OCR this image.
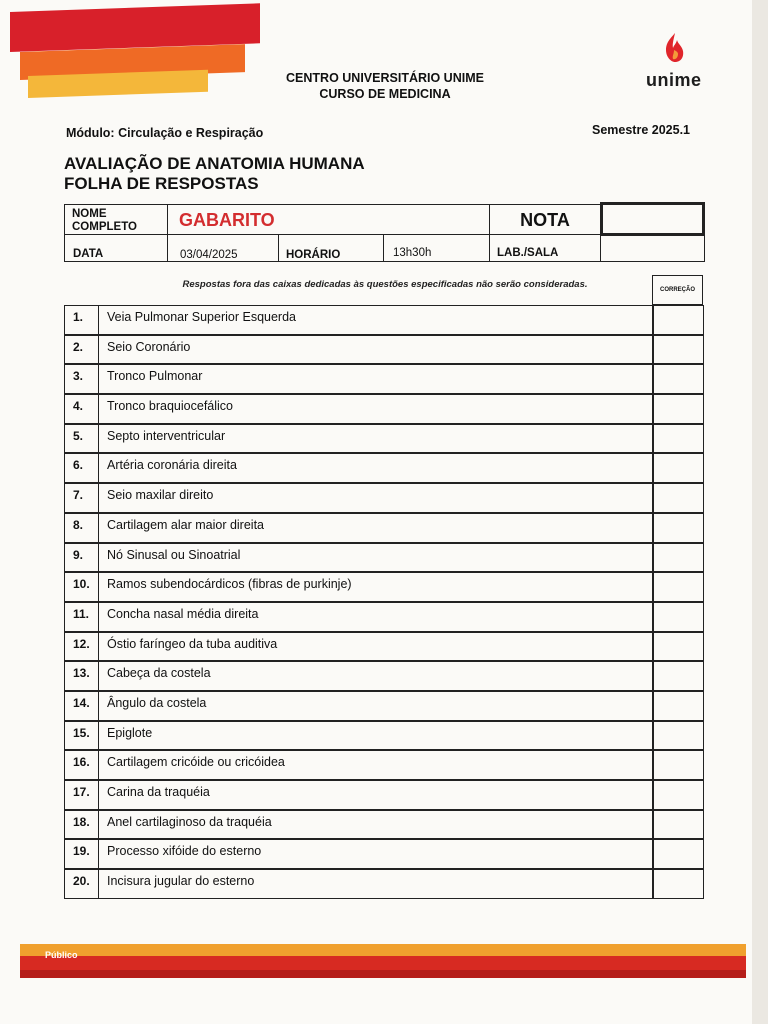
CENTRO UNIVERSITÁRIO UNIME
CURSO DE MEDICINA
unime
Módulo: Circulação e Respiração	Semestre 2025.1
AVALIAÇÃO DE ANATOMIA HUMANA
FOLHA DE RESPOSTAS
NOME
COMPLETO	GABARITO	NOTA
DATA	03/04/2025	HORÁRIO	13h30h	LAB./SALA
Respostas fora das caixas dedicadas às questões especificadas não serão consideradas.	CORREÇÃO
1.	Veia Pulmonar Superior Esquerda
2.	Seio Coronário
3.	Tronco Pulmonar
4.	Tronco braquiocefálico
5.	Septo interventricular
6.	Artéria coronária direita
7.	Seio maxilar direito
8.	Cartilagem alar maior direita
9.	Nó Sinusal ou Sinoatrial
10.	Ramos subendocárdicos (fibras de purkinje)
11.	Concha nasal média direita
12.	Óstio faríngeo da tuba auditiva
13.	Cabeça da costela
14.	Ângulo da costela
15.	Epiglote
16.	Cartilagem cricóide ou cricóidea
17.	Carina da traquéia
18.	Anel cartilaginoso da traquéia
19.	Processo xifóide do esterno
20.	Incisura jugular do esterno
Público
